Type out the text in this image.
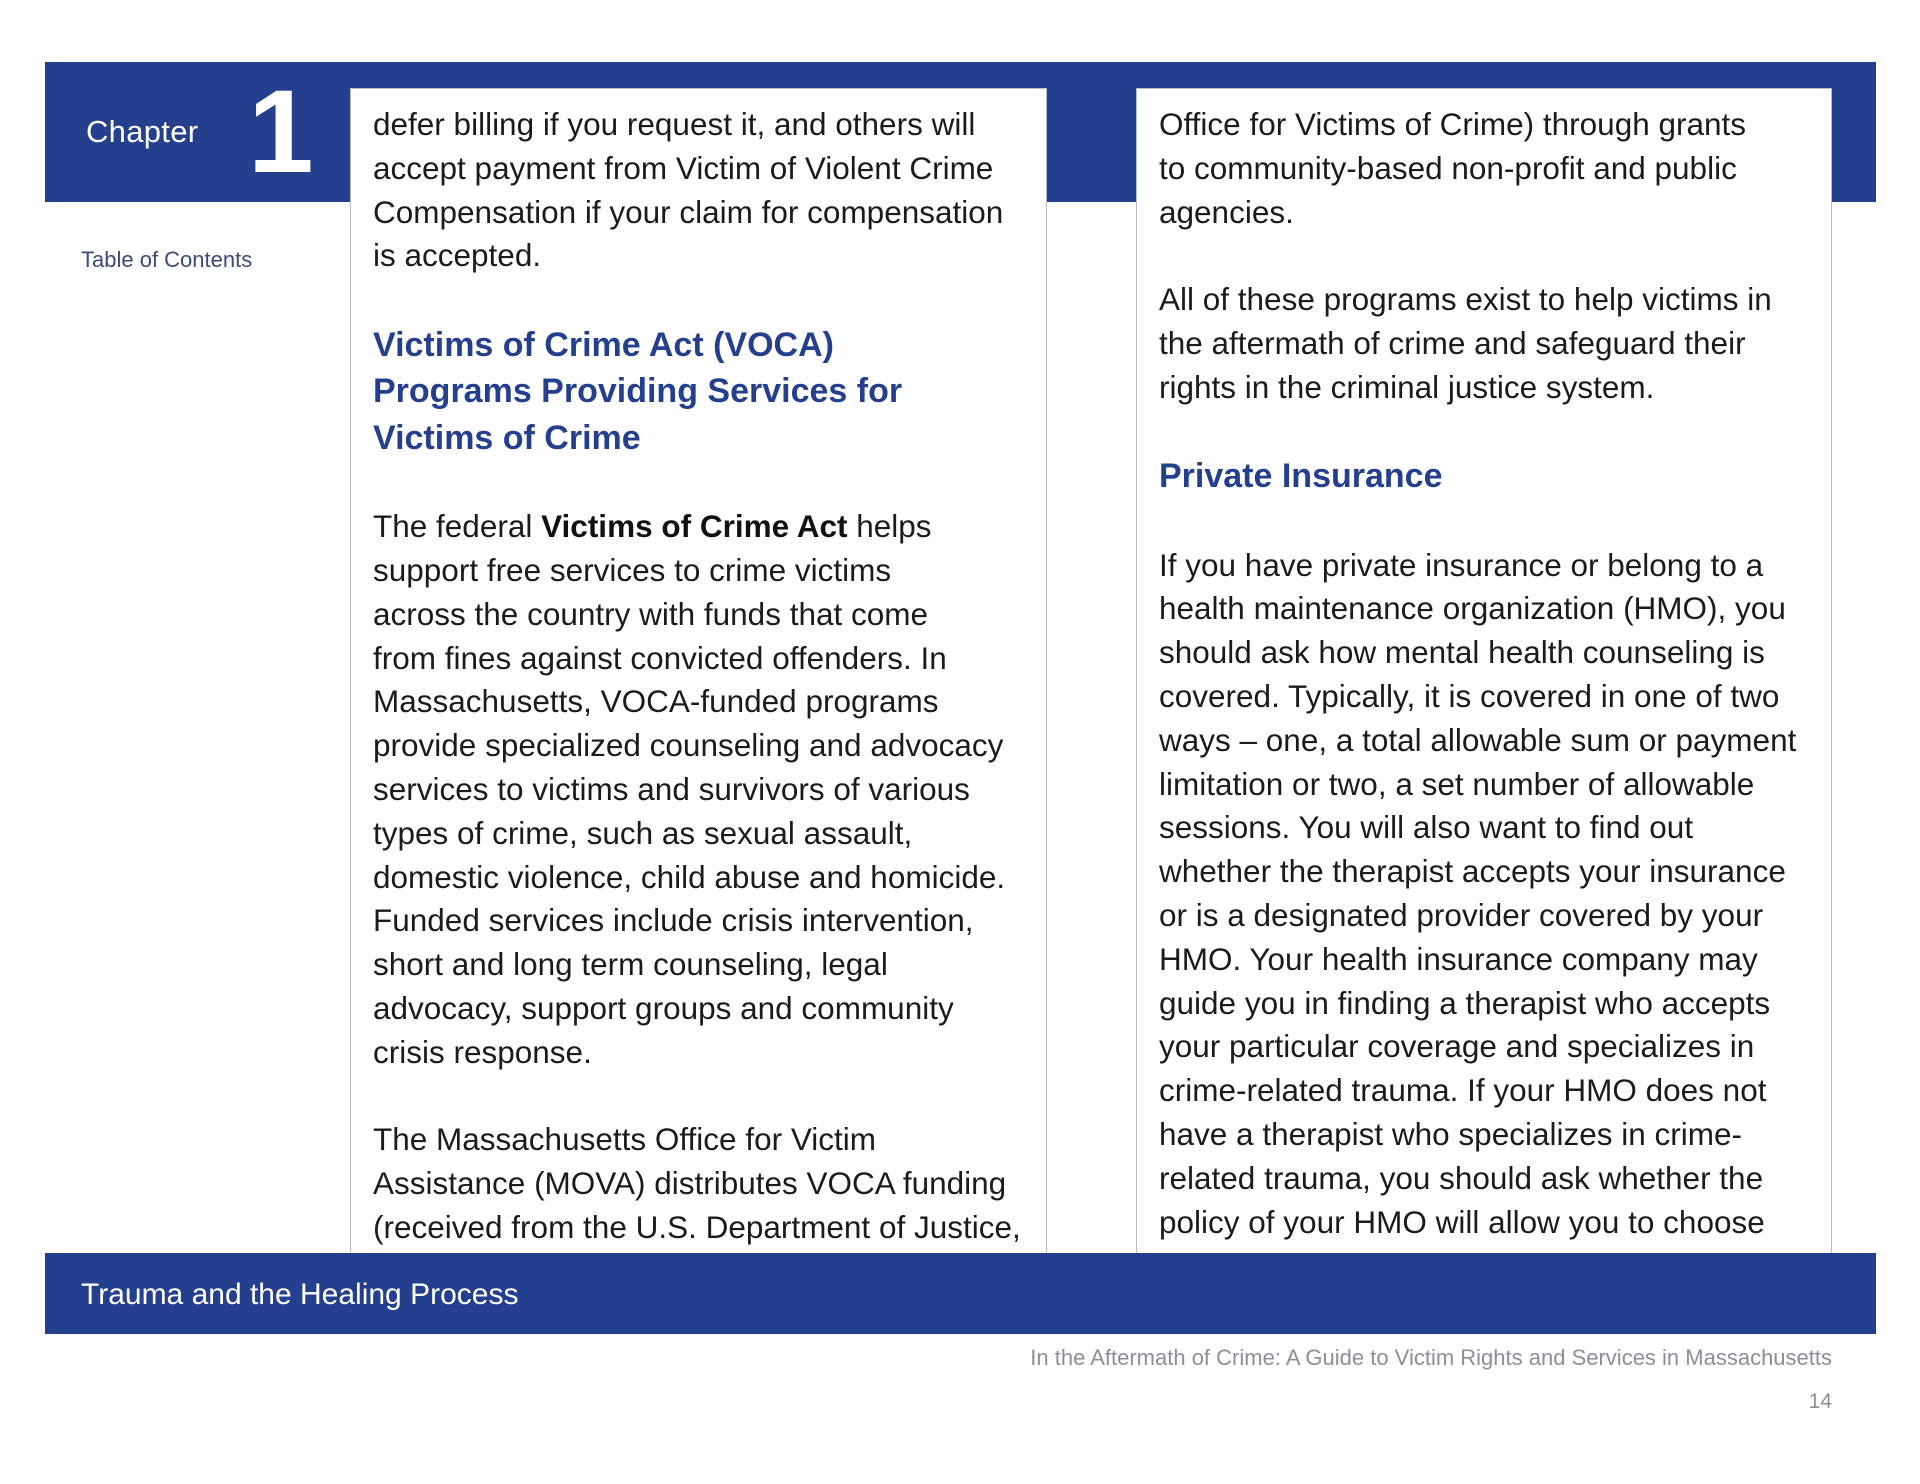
Chapter 1
Table of Contents

defer billing if you request it, and others will
accept payment from Victim of Violent Crime
Compensation if your claim for compensation
is accepted.

Victims of Crime Act (VOCA)
Programs Providing Services for
Victims of Crime

The federal Victims of Crime Act helps
support free services to crime victims
across the country with funds that come
from fines against convicted offenders. In
Massachusetts, VOCA-funded programs
provide specialized counseling and advocacy
services to victims and survivors of various
types of crime, such as sexual assault,
domestic violence, child abuse and homicide.
Funded services include crisis intervention,
short and long term counseling, legal
advocacy, support groups and community
crisis response.

The Massachusetts Office for Victim
Assistance (MOVA) distributes VOCA funding
(received from the U.S. Department of Justice,

Office for Victims of Crime) through grants
to community-based non-profit and public
agencies.

All of these programs exist to help victims in
the aftermath of crime and safeguard their
rights in the criminal justice system.

Private Insurance

If you have private insurance or belong to a
health maintenance organization (HMO), you
should ask how mental health counseling is
covered. Typically, it is covered in one of two
ways – one, a total allowable sum or payment
limitation or two, a set number of allowable
sessions. You will also want to find out
whether the therapist accepts your insurance
or is a designated provider covered by your
HMO. Your health insurance company may
guide you in finding a therapist who accepts
your particular coverage and specializes in
crime-related trauma. If your HMO does not
have a therapist who specializes in crime-
related trauma, you should ask whether the
policy of your HMO will allow you to choose

Trauma and the Healing Process
In the Aftermath of Crime: A Guide to Victim Rights and Services in Massachusetts
14
